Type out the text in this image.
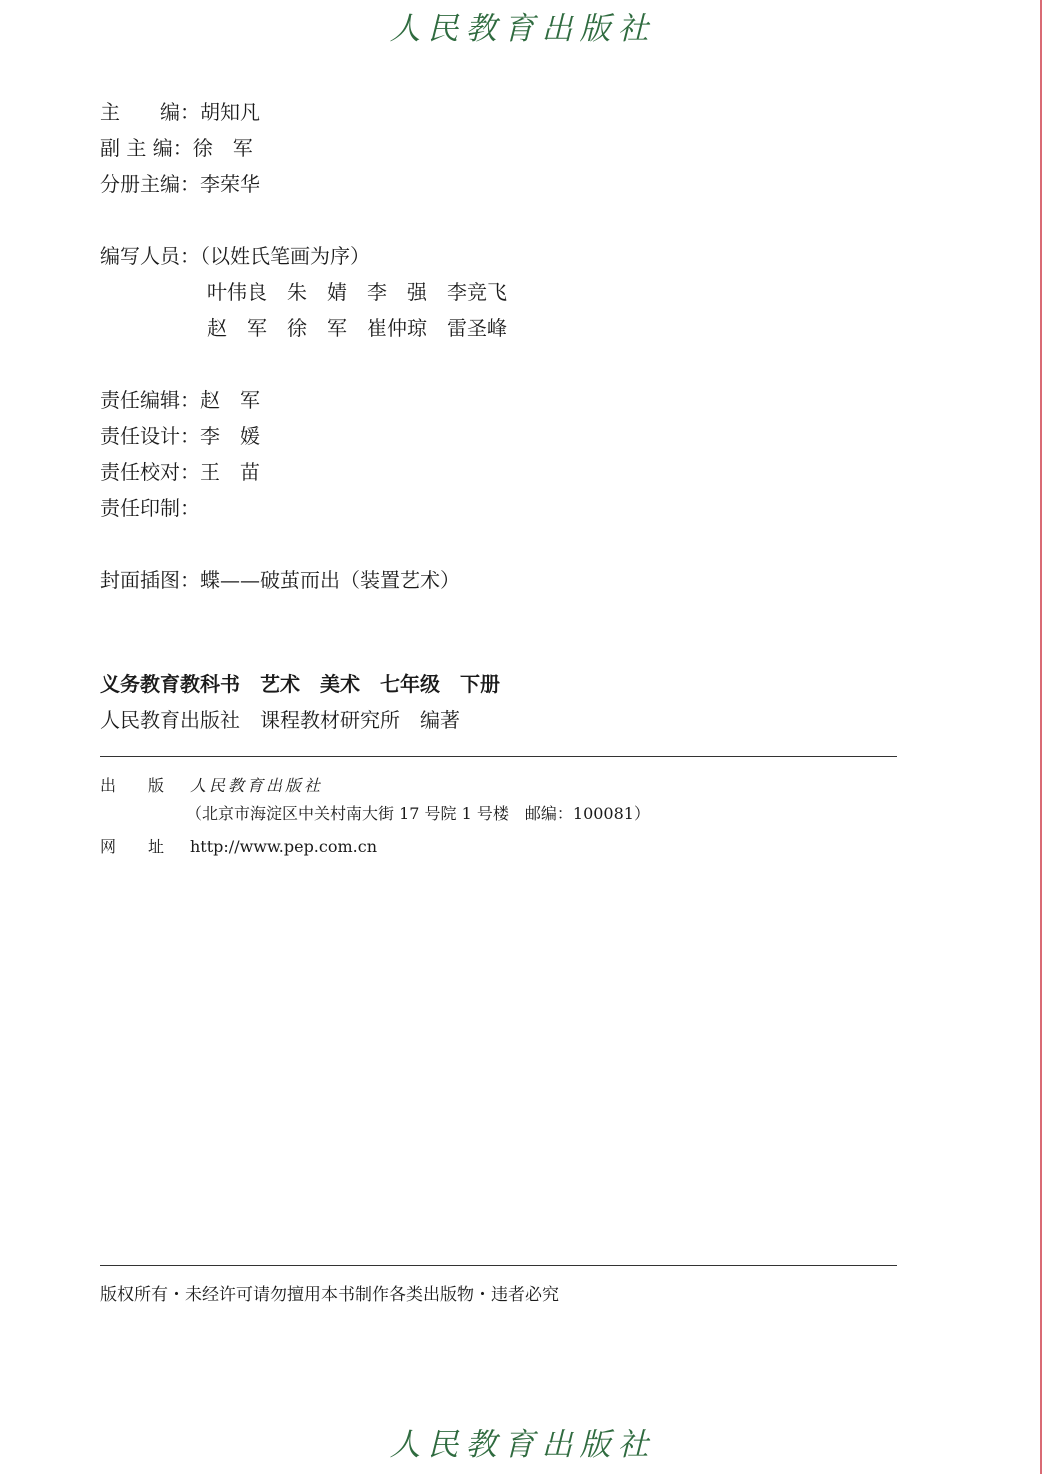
人民教育出版社
主　　编：胡知凡
副 主 编：徐　军
分册主编：李荣华
编写人员：（以姓氏笔画为序）
叶伟良　朱　婧　李　强　李竞飞
赵　军　徐　军　崔仲琼　雷圣峰
责任编辑：赵　军
责任设计：李　媛
责任校对：王　苗
责任印制：
封面插图：蝶——破茧而出（装置艺术）
义务教育教科书　艺术　美术　七年级　下册
人民教育出版社　课程教材研究所　编著
出　　版	人民教育出版社
（北京市海淀区中关村南大街 17 号院 1 号楼　邮编：100081）
网　　址	http://www.pep.com.cn
版权所有・未经许可请勿擅用本书制作各类出版物・违者必究
人民教育出版社
